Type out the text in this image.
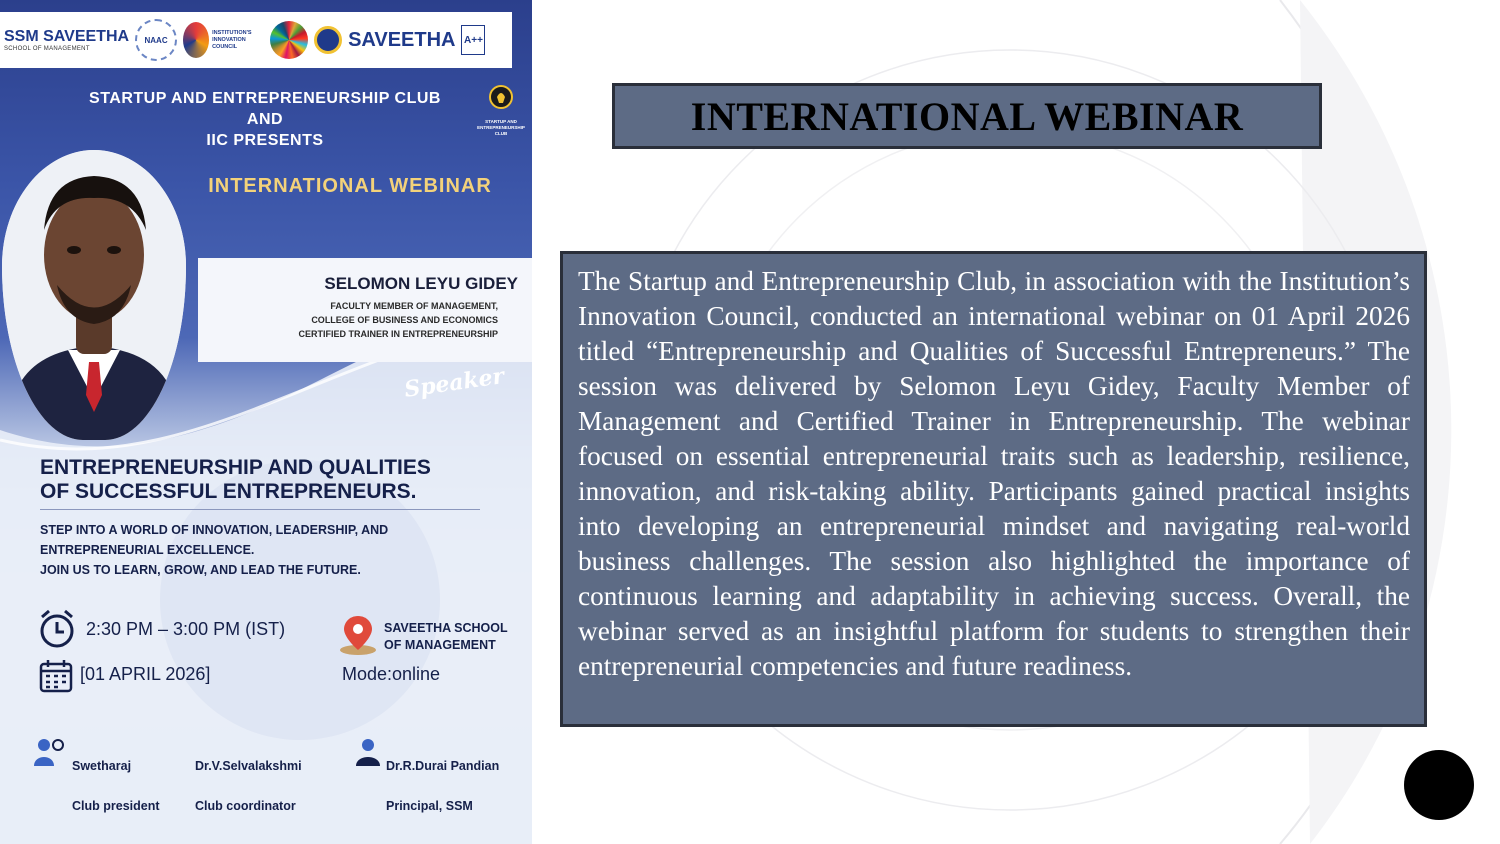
SSM SAVEETHA
SCHOOL OF MANAGEMENT
NAAC
INSTITUTION'S INNOVATION COUNCIL	SAVEETHA A++
STARTUP AND ENTREPRENEURSHIP CLUB
AND
IIC PRESENTS
STARTUP AND ENTREPRENEURSHIP CLUB
INTERNATIONAL WEBINAR
SELOMON LEYU GIDEY
FACULTY MEMBER OF MANAGEMENT,
COLLEGE OF BUSINESS AND ECONOMICS
CERTIFIED TRAINER IN ENTREPRENEURSHIP
Speaker
ENTREPRENEURSHIP AND QUALITIES
OF SUCCESSFUL ENTREPRENEURS.
STEP INTO A WORLD OF INNOVATION, LEADERSHIP, AND
ENTREPRENEURIAL EXCELLENCE.
JOIN US TO LEARN, GROW, AND LEAD THE FUTURE.
2:30 PM – 3:00 PM (IST)
[01 APRIL 2026]
SAVEETHA SCHOOL
OF MANAGEMENT
Mode:online

Swetharaj

Club president

Dr.V.Selvalakshmi

Club coordinator

Dr.R.Durai Pandian

Principal, SSM

INTERNATIONAL WEBINAR

The Startup and Entrepreneurship Club, in association with the Institution’s Innovation Council, conducted an international webinar on 01 April 2026 titled “Entrepreneurship and Qualities of Successful Entrepreneurs.” The session was delivered by Selomon Leyu Gidey, Faculty Member of Management and Certified Trainer in Entrepreneurship. The webinar focused on essential entrepreneurial traits such as leadership, resilience, innovation, and risk-taking ability. Participants gained practical insights into developing an entrepreneurial mindset and navigating real-world business challenges. The session also highlighted the importance of continuous learning and adaptability in achieving success. Overall, the webinar served as an insightful platform for students to strengthen their entrepreneurial competencies and future readiness.
